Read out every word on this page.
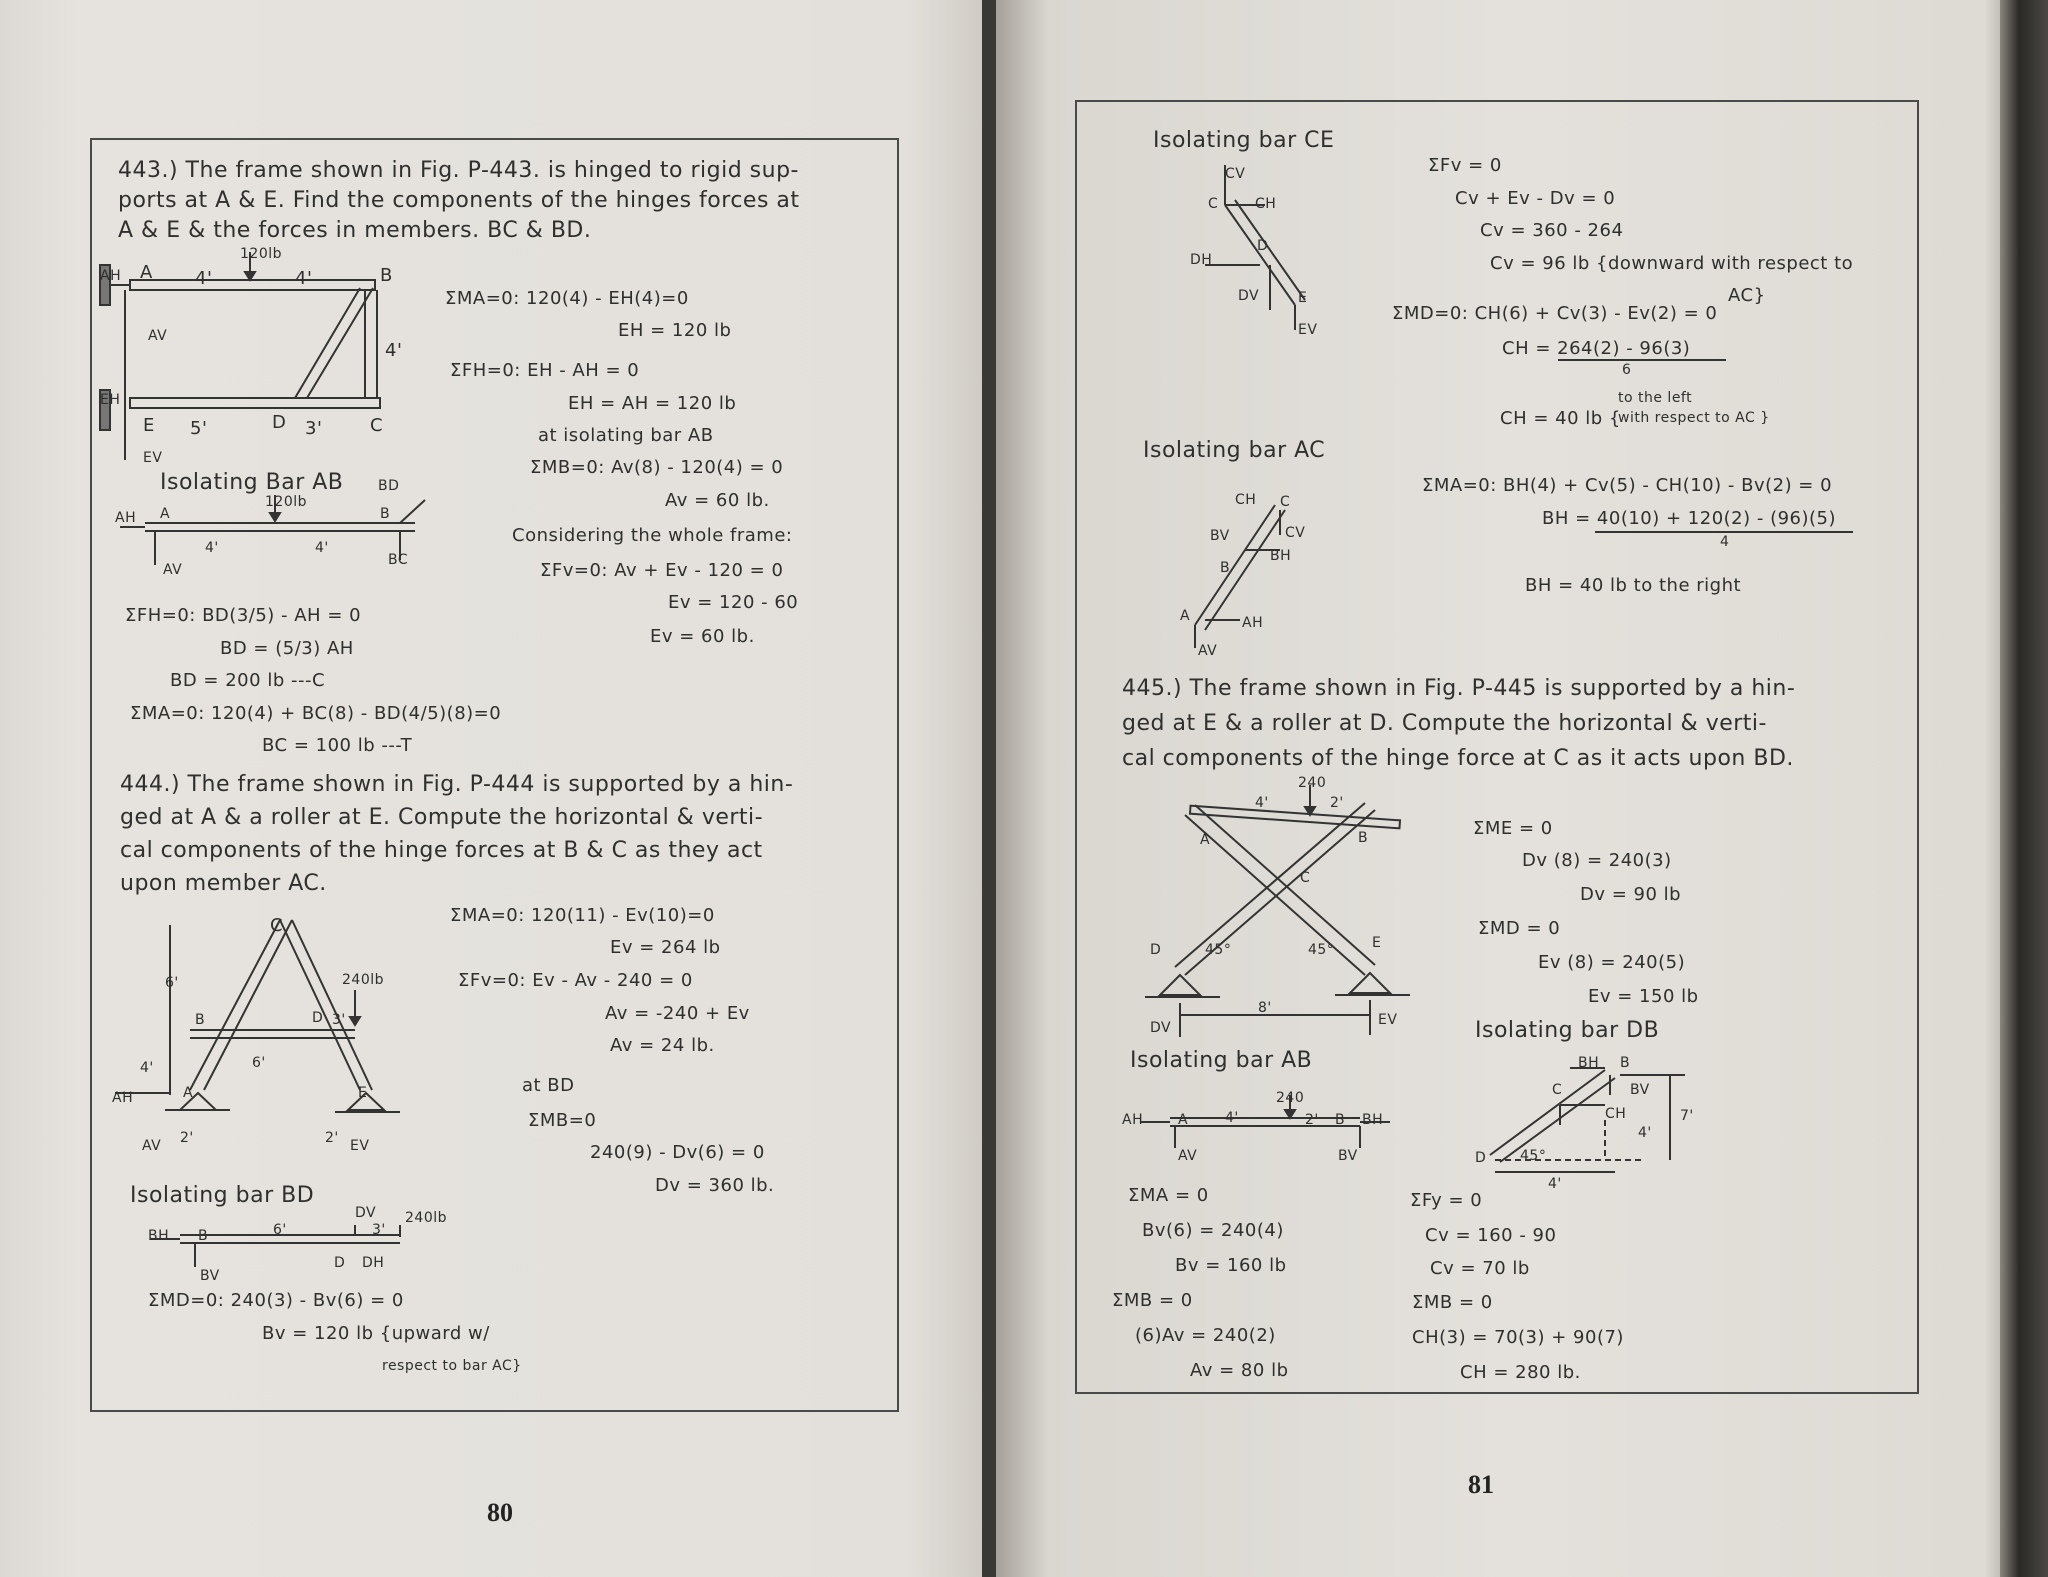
443.) The frame shown in Fig. P-443. is hinged to rigid sup-
ports at A & E. Find the components of the hinges forces at
A & E & the forces in members. BC & BD.
120lb
A	B
4'	4'
4'
AV
AH
EH
E
EV
5'	D 3'	C
ΣMA=0: 120(4) - EH(4)=0
EH = 120 lb
ΣFH=0: EH - AH = 0
EH = AH = 120 lb
at isolating bar AB
ΣMB=0: Av(8) - 120(4) = 0
Av = 60 lb.
Considering the whole frame:
ΣFv=0: Av + Ev - 120 = 0
Ev = 120 - 60
Ev = 60 lb.
Isolating Bar AB
120lb
BD
AH A	B
4'	4'
AV
BC
ΣFH=0: BD(3/5) - AH = 0
BD = (5/3) AH
BD = 200 lb ---C
ΣMA=0: 120(4) + BC(8) - BD(4/5)(8)=0
BC = 100 lb ---T
444.) The frame shown in Fig. P-444 is supported by a hin-
ged at A & a roller at E. Compute the horizontal & verti-
cal components of the hinge forces at B & C as they act
upon member AC.
C
6'	240lb
B	D 3'
4'	6'
AH	A	E
AV 2'	2' EV
ΣMA=0: 120(11) - Ev(10)=0
Ev = 264 lb
ΣFv=0: Ev - Av - 240 = 0
Av = -240 + Ev
Av = 24 lb.
at BD
ΣMB=0
240(9) - Dv(6) = 0
Dv = 360 lb.
Isolating bar BD
BH B	6'
DV
3'
240lb
BV
D DH
ΣMD=0: 240(3) - Bv(6) = 0
Bv = 120 lb {upward w/
respect to bar AC}
80
Isolating bar CE
CV
C	CH
DH
D
DV	E
EV
ΣFv = 0
Cv + Ev - Dv = 0
Cv = 360 - 264
Cv = 96 lb {downward with respect to
AC}
ΣMD=0: CH(6) + Cv(3) - Ev(2) = 0
CH = 264(2) - 96(3)
6
CH = 40 lb {
to the left
with respect to AC }
Isolating bar AC
CH C
BV	CV
BH
B
A	AH
AV
ΣMA=0: BH(4) + Cv(5) - CH(10) - Bv(2) = 0
BH = 40(10) + 120(2) - (96)(5)
4
BH = 40 lb to the right
445.) The frame shown in Fig. P-445 is supported by a hin-
ged at E & a roller at D. Compute the horizontal & verti-
cal components of the hinge force at C as it acts upon BD.
240
4'	2'
A	B
C
D	45°	45°	E
8'
DV	EV
ΣME = 0
Dv (8) = 240(3)
Dv = 90 lb
ΣMD = 0
Ev (8) = 240(5)
Ev = 150 lb
Isolating bar DB
BH B
C	BV
CH	7'
4'
D 45°
4'
Isolating bar AB
240
AH A	4'	2' B BH
AV	BV
ΣMA = 0
Bv(6) = 240(4)
Bv = 160 lb
ΣMB = 0
(6)Av = 240(2)
Av = 80 lb
ΣFy = 0
Cv = 160 - 90
Cv = 70 lb
ΣMB = 0
CH(3) = 70(3) + 90(7)
CH = 280 lb.
81
